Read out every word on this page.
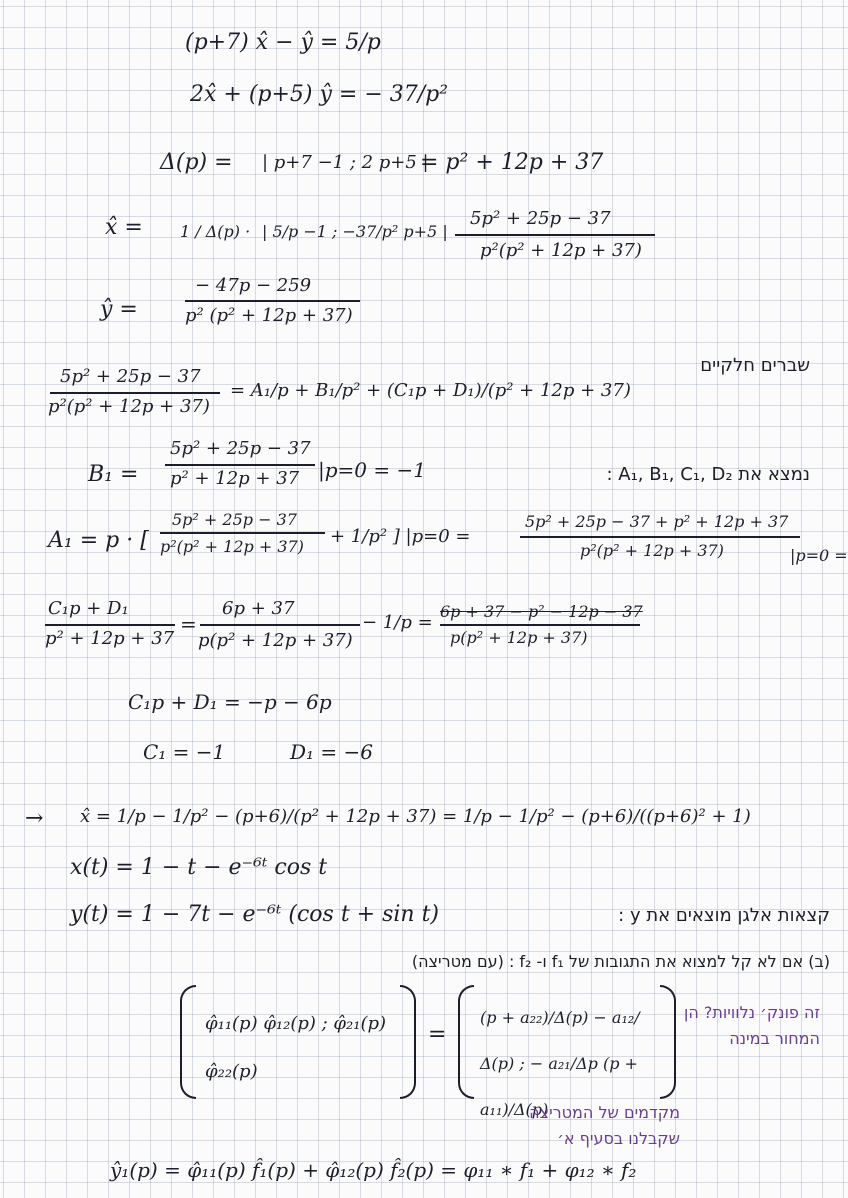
(p+7) x̂ − ŷ = 5/p
2x̂ + (p+5) ŷ = − 37/p²
Δ(p) = | p+7 −1 ; 2 p+5 |
= p² + 12p + 37
x̂ = 1 / Δ(p) · | 5/p −1 ; −37/p² p+5 |
5p² + 25p − 37
p²(p² + 12p + 37)
ŷ =
− 47p − 259
p² (p² + 12p + 37)
5p² + 25p − 37
p²(p² + 12p + 37)
= A₁/p + B₁/p² + (C₁p + D₁)/(p² + 12p + 37)
שברים חלקיים
נמצא את A₁, B₁, C₁, D₂ :
B₁ =
5p² + 25p − 37
p² + 12p + 37 |p=0 = −1
A₁ = p · [
5p² + 25p − 37
p²(p² + 12p + 37) + 1/p² ] |p=0 =
5p² + 25p − 37 + p² + 12p + 37
p²(p² + 12p + 37)	|p=0 =
C₁p + D₁
p² + 12p + 37
=
6p + 37
p(p² + 12p + 37)
− 1/p =
6p + 37 − p² − 12p − 37
p(p² + 12p + 37)
C₁p + D₁ = −p − 6p
C₁ = −1	D₁ = −6
→ x̂ = 1/p − 1/p² − (p+6)/(p² + 12p + 37) = 1/p − 1/p² − (p+6)/((p+6)² + 1)
x(t) = 1 − t − e⁻⁶ᵗ cos t
y(t) = 1 − 7t − e⁻⁶ᵗ (cos t + sin t)	קצאות אלגן מוצאים את y :
(ב) אם לא קל למצוא את התגובות של f₁ ו- f₂ : (עם מטריצה)
φ̂₁₁(p) φ̂₁₂(p) ; φ̂₂₁(p) φ̂₂₂(p)
=
(p + a₂₂)/Δ(p) − a₁₂/Δ(p) ; − a₂₁/Δp (p + a₁₁)/Δ(p)
זה פונק׳ נלוויות? הן המחור במינה
מקדמים של המטריצה שקבלנו בסעיף א׳
ŷ₁(p) = φ̂₁₁(p) f̂₁(p) + φ̂₁₂(p) f̂₂(p) = φ₁₁ ∗ f₁ + φ₁₂ ∗ f₂
